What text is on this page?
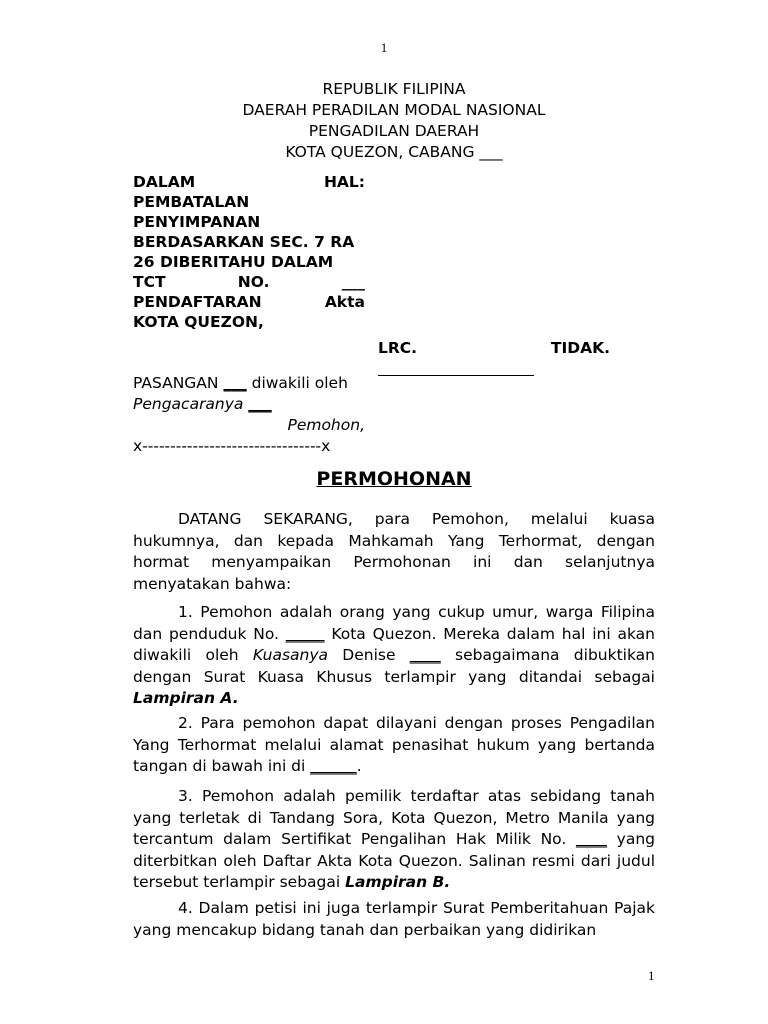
1
REPUBLIK FILIPINA
DAERAH PERADILAN MODAL NASIONAL
PENGADILAN DAERAH
KOTA QUEZON, CABANG ___
DALAM	HAL:
PEMBATALAN
PENYIMPANAN
BERDASARKAN SEC. 7 RA
26 DIBERITAHU DALAM
TCT	NO.	___
PENDAFTARAN	Akta
KOTA QUEZON,
LRC.	TIDAK.
PASANGAN ___ diwakili oleh
Pengacaranya ___
Pemohon,
x--------------------------------x
PERMOHONAN
DATANG SEKARANG, para Pemohon, melalui kuasa hukumnya, dan kepada Mahkamah Yang Terhormat, dengan hormat menyampaikan Permohonan ini dan selanjutnya menyatakan bahwa:
1. Pemohon adalah orang yang cukup umur, warga Filipina dan penduduk No. _____ Kota Quezon. Mereka dalam hal ini akan diwakili oleh Kuasanya Denise ____ sebagaimana dibuktikan dengan Surat Kuasa Khusus terlampir yang ditandai sebagai Lampiran A.
2. Para pemohon dapat dilayani dengan proses Pengadilan Yang Terhormat melalui alamat penasihat hukum yang bertanda tangan di bawah ini di ______.
3. Pemohon adalah pemilik terdaftar atas sebidang tanah yang terletak di Tandang Sora, Kota Quezon, Metro Manila yang tercantum dalam Sertifikat Pengalihan Hak Milik No. ____ yang diterbitkan oleh Daftar Akta Kota Quezon. Salinan resmi dari judul tersebut terlampir sebagai Lampiran B.
4. Dalam petisi ini juga terlampir Surat Pemberitahuan Pajak yang mencakup bidang tanah dan perbaikan yang didirikan
1
